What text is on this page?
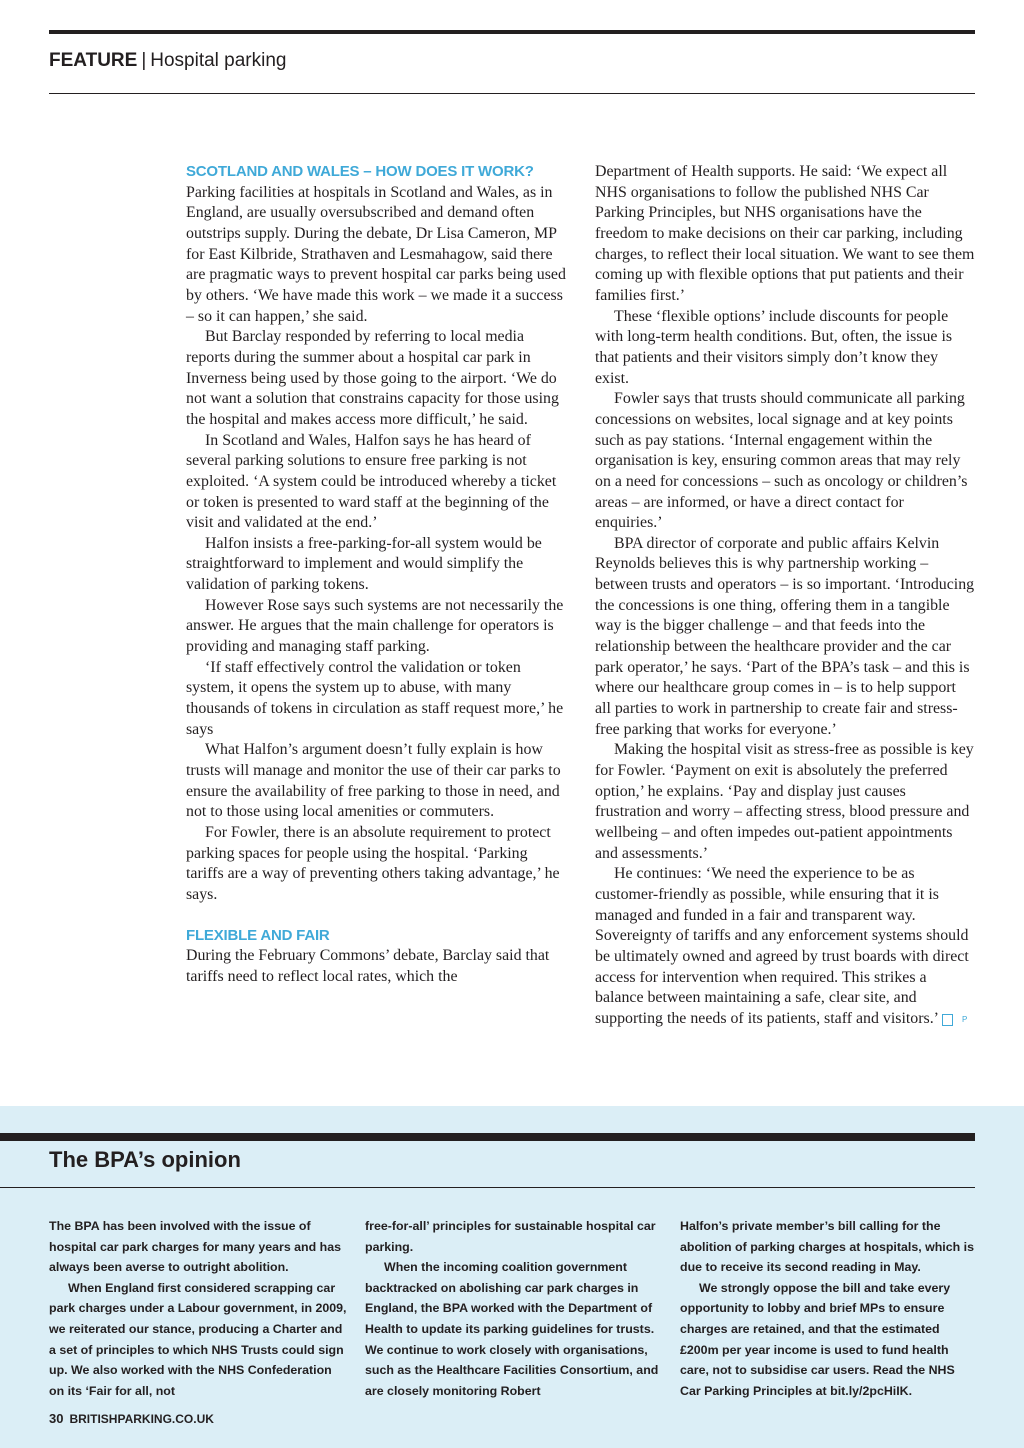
FEATURE | Hospital parking
SCOTLAND AND WALES – HOW DOES IT WORK?

Parking facilities at hospitals in Scotland and Wales, as in England, are usually oversubscribed and demand often outstrips supply. During the debate, Dr Lisa Cameron, MP for East Kilbride, Strathaven and Lesmahagow, said there are pragmatic ways to prevent hospital car parks being used by others. ‘We have made this work – we made it a success – so it can happen,’ she said.

But Barclay responded by referring to local media reports during the summer about a hospital car park in Inverness being used by those going to the airport. ‘We do not want a solution that constrains capacity for those using the hospital and makes access more difficult,’ he said.

In Scotland and Wales, Halfon says he has heard of several parking solutions to ensure free parking is not exploited. ‘A system could be introduced whereby a ticket or token is presented to ward staff at the beginning of the visit and validated at the end.’

Halfon insists a free-parking-for-all system would be straightforward to implement and would simplify the validation of parking tokens.

However Rose says such systems are not necessarily the answer. He argues that the main challenge for operators is providing and managing staff parking.

‘If staff effectively control the validation or token system, it opens the system up to abuse, with many thousands of tokens in circulation as staff request more,’ he says

What Halfon’s argument doesn’t fully explain is how trusts will manage and monitor the use of their car parks to ensure the availability of free parking to those in need, and not to those using local amenities or commuters.

For Fowler, there is an absolute requirement to protect parking spaces for people using the hospital. ‘Parking tariffs are a way of preventing others taking advantage,’ he says.

FLEXIBLE AND FAIR

During the February Commons’ debate, Barclay said that tariffs need to reflect local rates, which the

Department of Health supports. He said: ‘We expect all NHS organisations to follow the published NHS Car Parking Principles, but NHS organisations have the freedom to make decisions on their car parking, including charges, to reflect their local situation. We want to see them coming up with flexible options that put patients and their families first.’

These ‘flexible options’ include discounts for people with long-term health conditions. But, often, the issue is that patients and their visitors simply don’t know they exist.

Fowler says that trusts should communicate all parking concessions on websites, local signage and at key points such as pay stations. ‘Internal engagement within the organisation is key, ensuring common areas that may rely on a need for concessions – such as oncology or children’s areas – are informed, or have a direct contact for enquiries.’

BPA director of corporate and public affairs Kelvin Reynolds believes this is why partnership working – between trusts and operators – is so important. ‘Introducing the concessions is one thing, offering them in a tangible way is the bigger challenge – and that feeds into the relationship between the healthcare provider and the car park operator,’ he says. ‘Part of the BPA’s task – and this is where our healthcare group comes in – is to help support all parties to work in partnership to create fair and stress-free parking that works for everyone.’

Making the hospital visit as stress-free as possible is key for Fowler. ‘Payment on exit is absolutely the preferred option,’ he explains. ‘Pay and display just causes frustration and worry – affecting stress, blood pressure and wellbeing – and often impedes out-patient appointments and assessments.’

He continues: ‘We need the experience to be as customer-friendly as possible, while ensuring that it is managed and funded in a fair and transparent way. Sovereignty of tariffs and any enforcement systems should be ultimately owned and agreed by trust boards with direct access for intervention when required. This strikes a balance between maintaining a safe, clear site, and supporting the needs of its patients, staff and visitors.’	P

The BPA’s opinion

The BPA has been involved with the issue of hospital car park charges for many years and has always been averse to outright abolition.

When England first considered scrapping car park charges under a Labour government, in 2009, we reiterated our stance, producing a Charter and a set of principles to which NHS Trusts could sign up. We also worked with the NHS Confederation on its ‘Fair for all, not

free-for-all’ principles for sustainable hospital car parking.

When the incoming coalition government backtracked on abolishing car park charges in England, the BPA worked with the Department of Health to update its parking guidelines for trusts. We continue to work closely with organisations, such as the Healthcare Facilities Consortium, and are closely monitoring Robert

Halfon’s private member’s bill calling for the abolition of parking charges at hospitals, which is due to receive its second reading in May.

We strongly oppose the bill and take every opportunity to lobby and brief MPs to ensure charges are retained, and that the estimated £200m per year income is used to fund health care, not to subsidise car users. Read the NHS Car Parking Principles at bit.ly/2pcHiIK.

30 BRITISHPARKING.CO.UK
